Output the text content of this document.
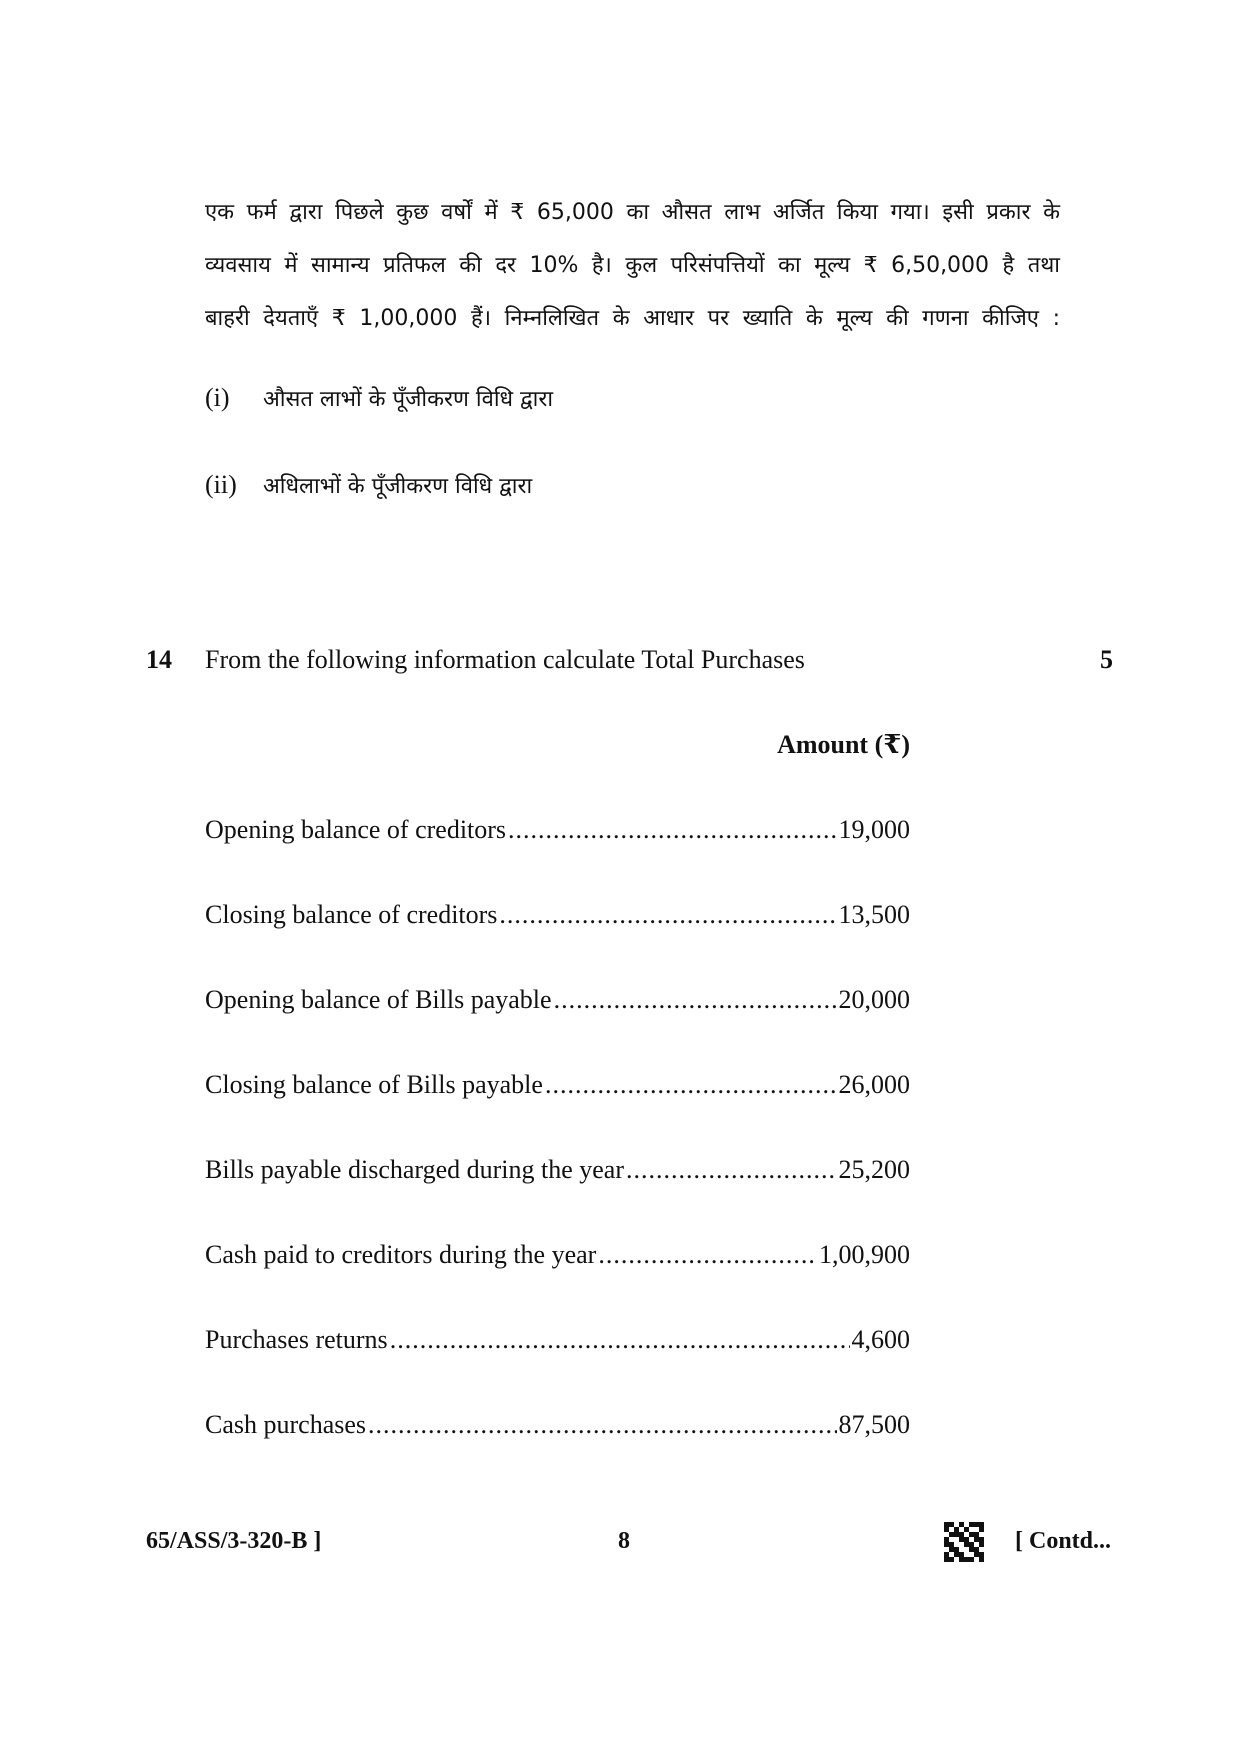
एक फर्म द्वारा पिछले कुछ वर्षों में ₹ 65,000 का औसत लाभ अर्जित किया गया। इसी प्रकार के
व्यवसाय में सामान्य प्रतिफल की दर 10% है। कुल परिसंपत्तियों का मूल्य ₹ 6,50,000 है तथा
बाहरी देयताएँ ₹ 1,00,000 हैं। निम्नलिखित के आधार पर ख्याति के मूल्य की गणना कीजिए :
(i) औसत लाभों के पूँजीकरण विधि द्वारा
(ii) अधिलाभों के पूँजीकरण विधि द्वारा
14 From the following information calculate Total Purchases	5
Amount (₹)
Opening balance of creditors .....	19,000
Closing balance of creditors .....	13,500
Opening balance of Bills payable .....	20,000
Closing balance of Bills payable .....	26,000
Bills payable discharged during the year .....	25,200
Cash paid to creditors during the year .....	1,00,900
Purchases returns .....	4,600
Cash purchases .....	87,500
65/ASS/3-320-B ]	8	[ Contd...
